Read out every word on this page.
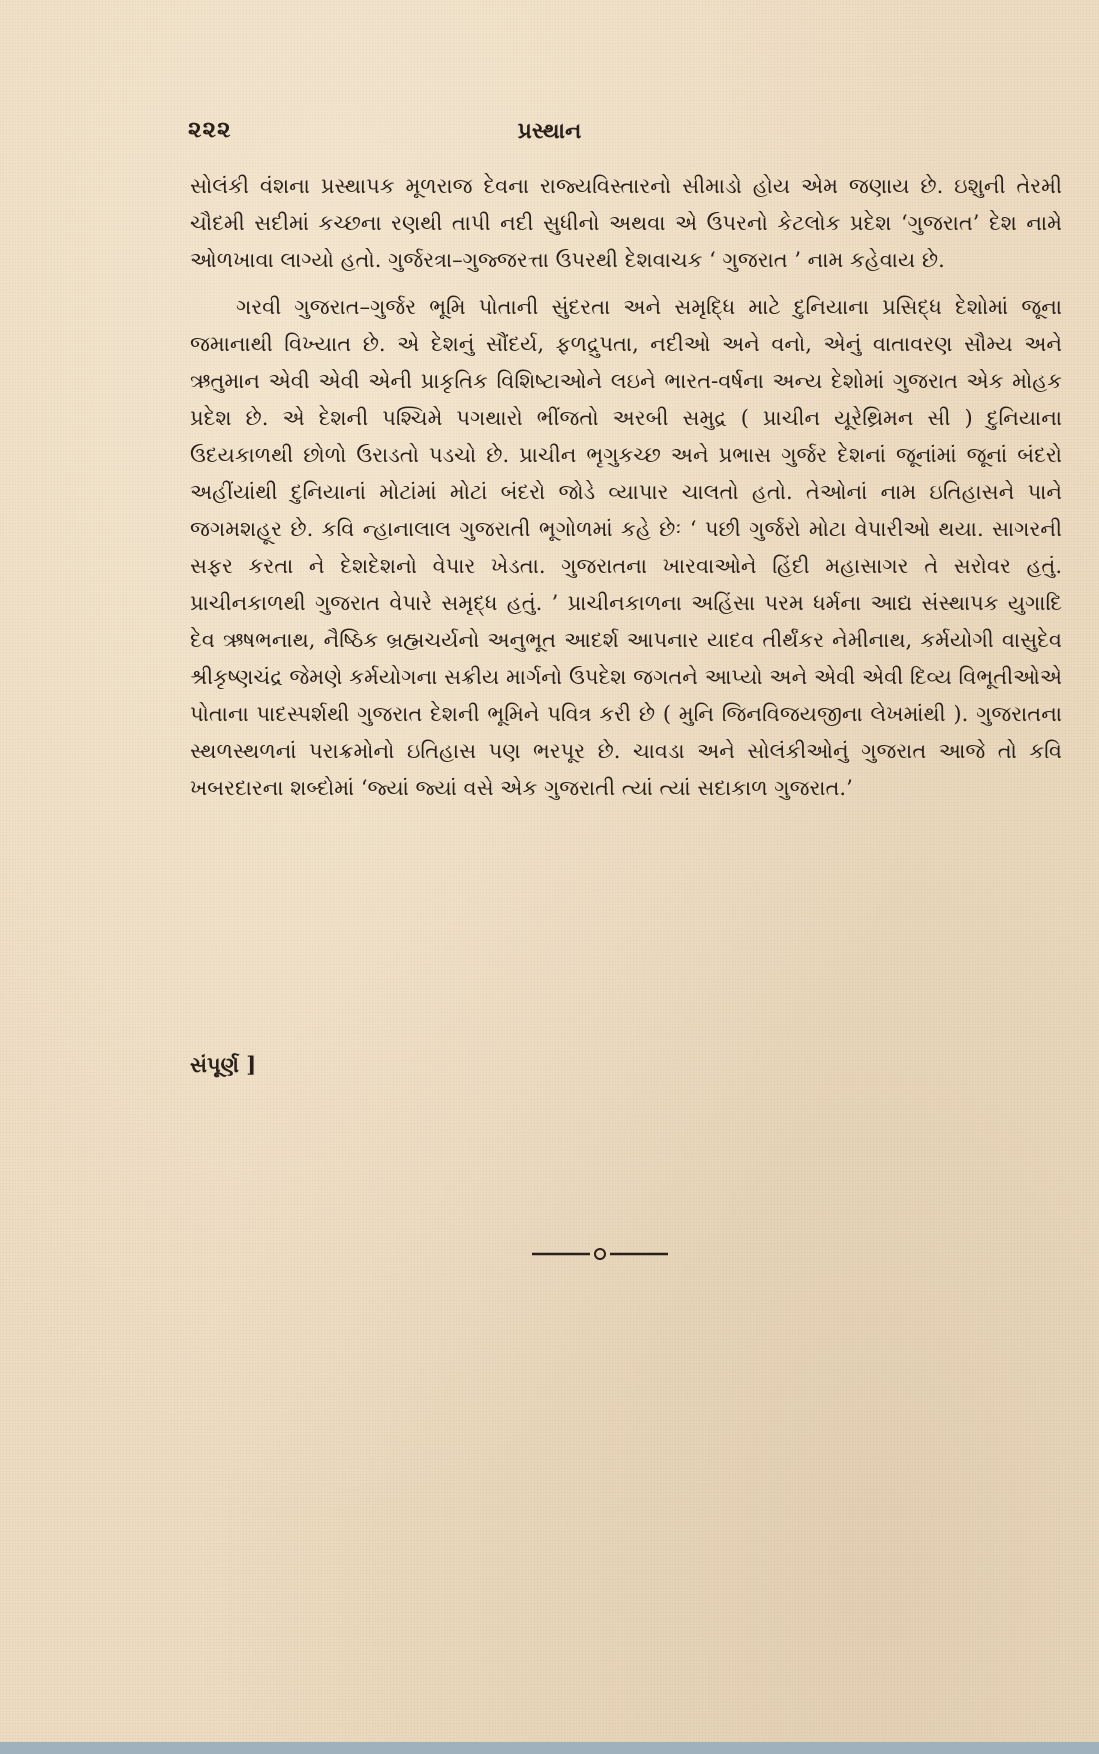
૨૨૨	પ્રસ્થાન

સોલંકી વંશના પ્રસ્થાપક મૂળરાજ દેવના રાજ્યવિસ્તારનો સીમાડો હોય એમ જણાય છે. ઇશુની તેરમી ચૌદમી સદીમાં કચ્છના રણથી તાપી નદી સુધીનો અથવા એ ઉપરનો કેટલોક પ્રદેશ ‘ગુજરાત’ દેશ નામે ઓળખાવા લાગ્યો હતો. ગુર્જરત્રા–ગુજ્જરત્તા ઉપરથી દેશવાચક ‘ ગુજરાત ’ નામ કહેવાય છે.

ગરવી ગુજરાત–ગુર્જર ભૂમિ પોતાની સુંદરતા અને સમૃદ્ધિ માટે દુનિયાના પ્રસિદ્ધ દેશોમાં જૂના જમાનાથી વિખ્યાત છે. એ દેશનું સૌંદર્ય, ફળદ્રુપતા, નદીઓ અને વનો, એનું વાતાવરણ સૌમ્ય અને ઋતુમાન એવી એવી એની પ્રાકૃતિક વિશિષ્ટાઓને લઇને ભારત-વર્ષના અન્ય દેશોમાં ગુજરાત એક મોહક પ્રદેશ છે. એ દેશની પશ્ચિમે પગથારો ભીંજતો અરબી સમુદ્ર ( પ્રાચીન યૂરેથ્રિમન સી ) દુનિયાના ઉદયકાળથી છોળો ઉરાડતો પડચો છે. પ્રાચીન ભૃગુકચ્છ અને પ્રભાસ ગુર્જર દેશનાં જૂનાંમાં જૂનાં બંદરો અહીંયાંથી દુનિયાનાં મોટાંમાં મોટાં બંદરો જોડે વ્યાપાર ચાલતો હતો. તેઓનાં નામ ઇતિહાસને પાને જગમશહૂર છે. કવિ ન્હાનાલાલ ગુજરાતી ભૂગોળમાં કહે છેઃ ‘ પછી ગુર્જરો મોટા વેપારીઓ થયા. સાગરની સફર કરતા ને દેશદેશનો વેપાર ખેડતા. ગુજરાતના ખારવાઓને હિંદી મહાસાગર તે સરોવર હતું. પ્રાચીનકાળથી ગુજરાત વેપારે સમૃદ્ધ હતું. ’ પ્રાચીનકાળના અહિંસા પરમ ધર્મના આદ્ય સંસ્થાપક યુગાદિ દેવ ઋષભનાથ, નૈષ્ઠિક બ્રહ્મચર્યનો અનુભૂત આદર્શ આપનાર યાદવ તીર્થંકર નેમીનાથ, કર્મયોગી વાસુદેવ શ્રીકૃષ્ણચંદ્ર જેમણે કર્મયોગના સક્રીય માર્ગનો ઉપદેશ જગતને આપ્યો અને એવી એવી દિવ્ય વિભૂતીઓએ પોતાના પાદસ્પર્શથી ગુજરાત દેશની ભૂમિને પવિત્ર કરી છે ( મુનિ જિનવિજયજીના લેખમાંથી ). ગુજરાતના સ્થળસ્થળનાં પરાક્રમોનો ઇતિહાસ પણ ભરપૂર છે. ચાવડા અને સોલંકીઓનું ગુજરાત આજે તો કવિ ખબરદારના શબ્દોમાં ‘જ્યાં જ્યાં વસે એક ગુજરાતી ત્યાં ત્યાં સદાકાળ ગુજરાત.’

સંપૂર્ણ ]
